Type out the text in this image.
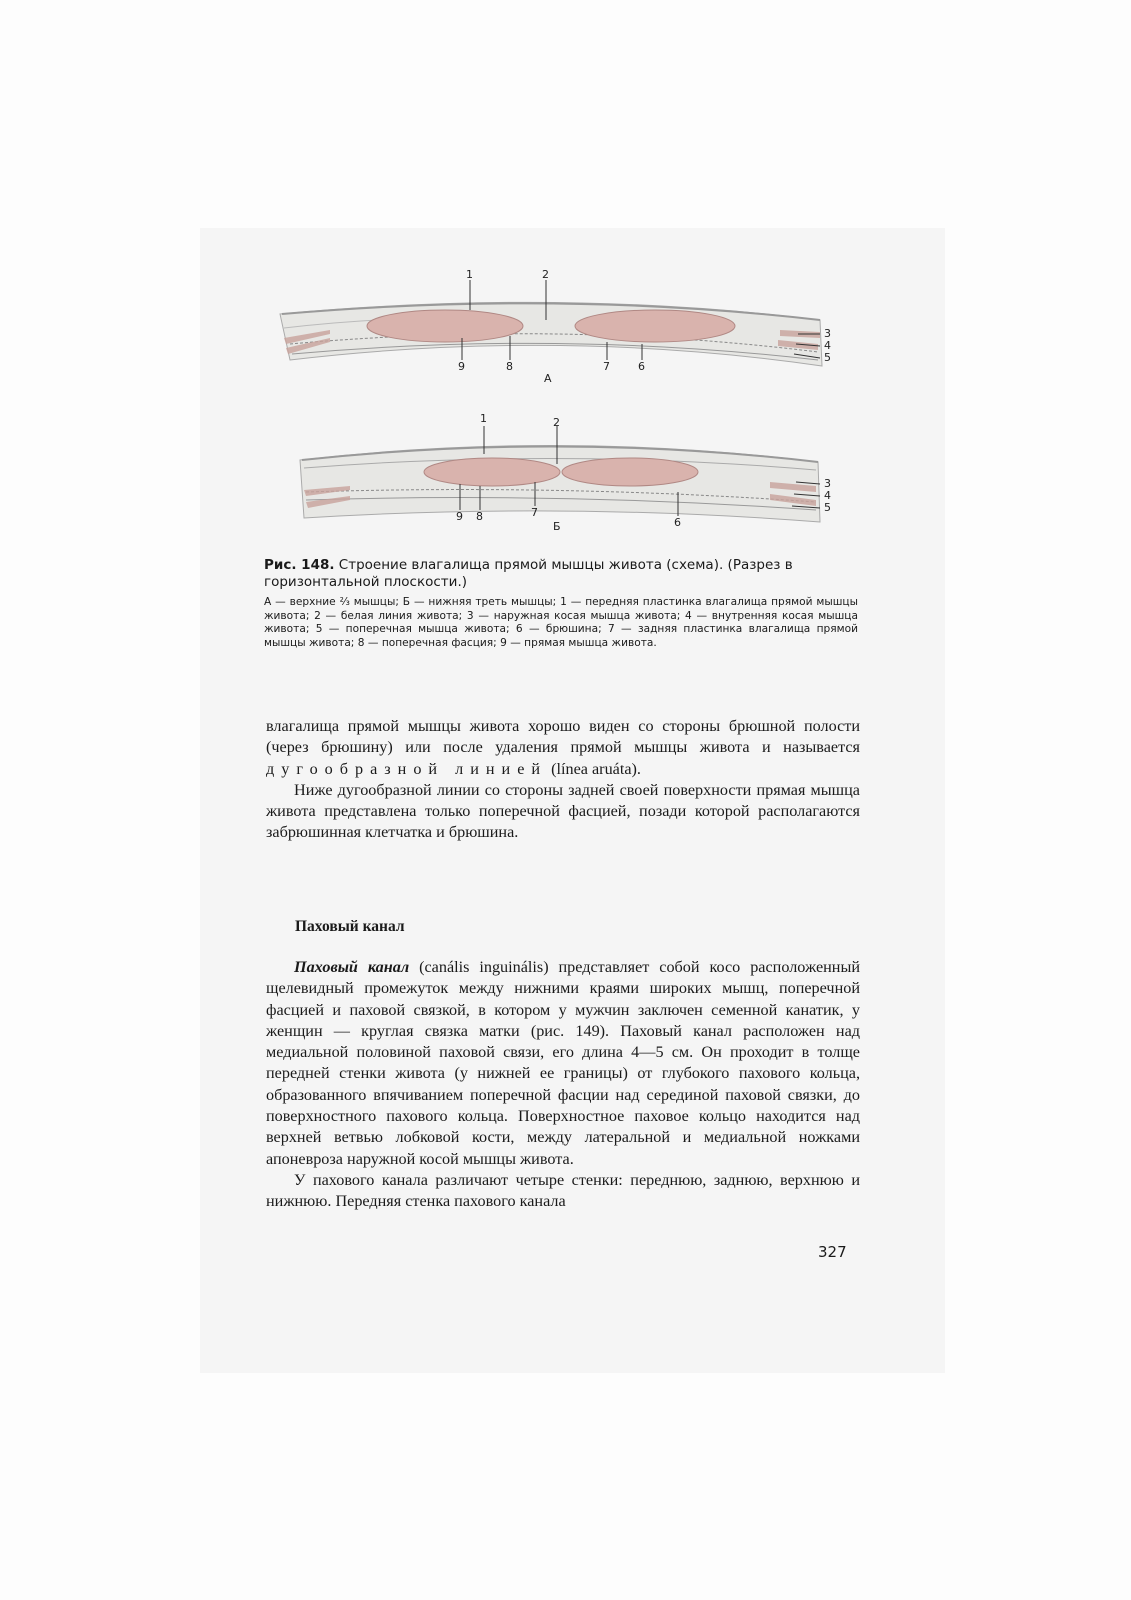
1	2
3
4
5
9	8	7	6
А
1	2
3
4
5
9 8	7
6
Б

Рис. 148. Строение влагалища прямой мышцы живота (схема). (Разрез в горизонтальной плоскости.)

А — верхние ⅔ мышцы; Б — нижняя треть мышцы; 1 — передняя пластинка влагалища прямой мышцы живота; 2 — белая линия живота; 3 — наружная косая мышца живота; 4 — внутренняя косая мышца живота; 5 — поперечная мышца живота; 6 — брюшина; 7 — задняя пластинка влагалища прямой мышцы живота; 8 — поперечная фасция; 9 — прямая мышца живота.

влагалища прямой мышцы живота хорошо виден со стороны брюшной полости (через брюшину) или после удаления прямой мышцы живота и называется дугообразной линией (línea aruáta).

Ниже дугообразной линии со стороны задней своей поверхности прямая мышца живота представлена только поперечной фасцией, позади которой располагаются забрюшинная клетчатка и брюшина.

Паховый канал

Паховый канал (canális inguinális) представляет собой косо расположенный щелевидный промежуток между нижними краями широких мышц, поперечной фасцией и паховой связкой, в котором у мужчин заключен семенной канатик, у женщин — круглая связка матки (рис. 149). Паховый канал расположен над медиальной половиной паховой связи, его длина 4—5 см. Он проходит в толще передней стенки живота (у нижней ее границы) от глубокого пахового кольца, образованного впячиванием поперечной фасции над серединой паховой связки, до поверхностного пахового кольца. Поверхностное паховое кольцо находится над верхней ветвью лобковой кости, между латеральной и медиальной ножками апоневроза наружной косой мышцы живота.

У пахового канала различают четыре стенки: переднюю, заднюю, верхнюю и нижнюю. Передняя стенка пахового канала

327
